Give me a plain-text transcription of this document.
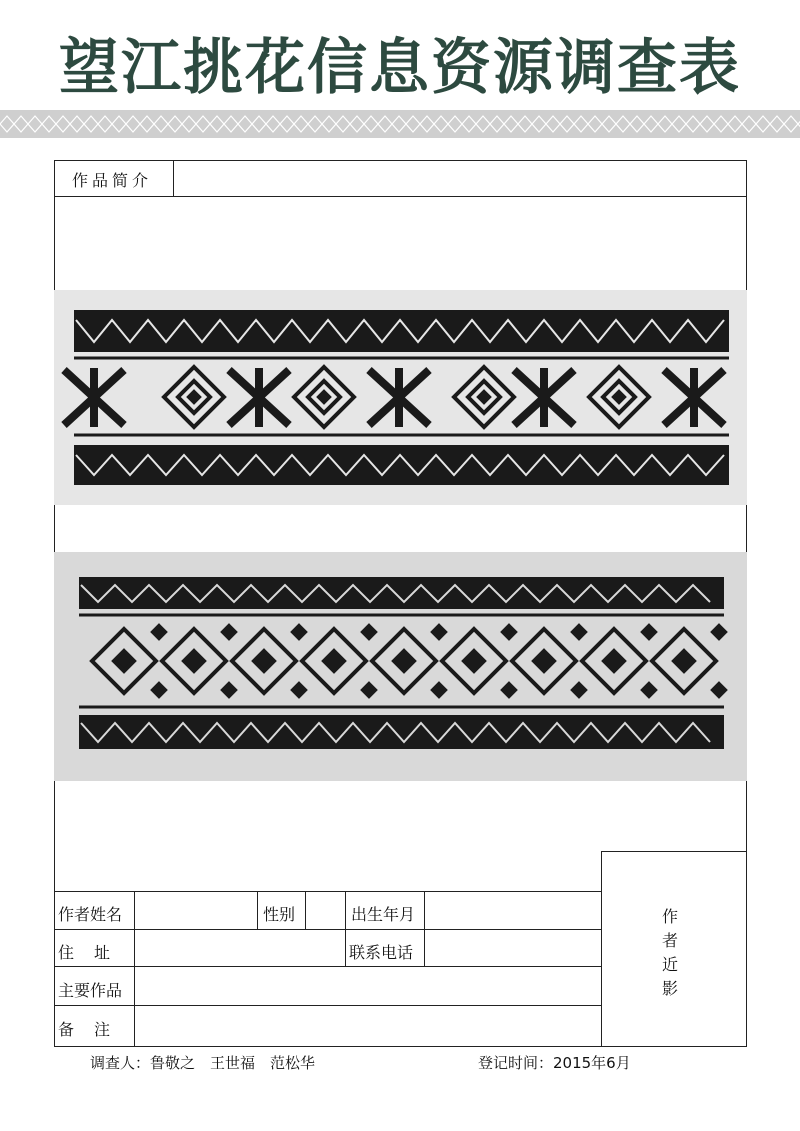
望江挑花信息资源调查表
作品简介
作者姓名	性别	出生年月
住　址	联系电话
主要作品
备　注
作者近影
调查人：鲁敬之　王世福　范松华	登记时间：2015年6月
